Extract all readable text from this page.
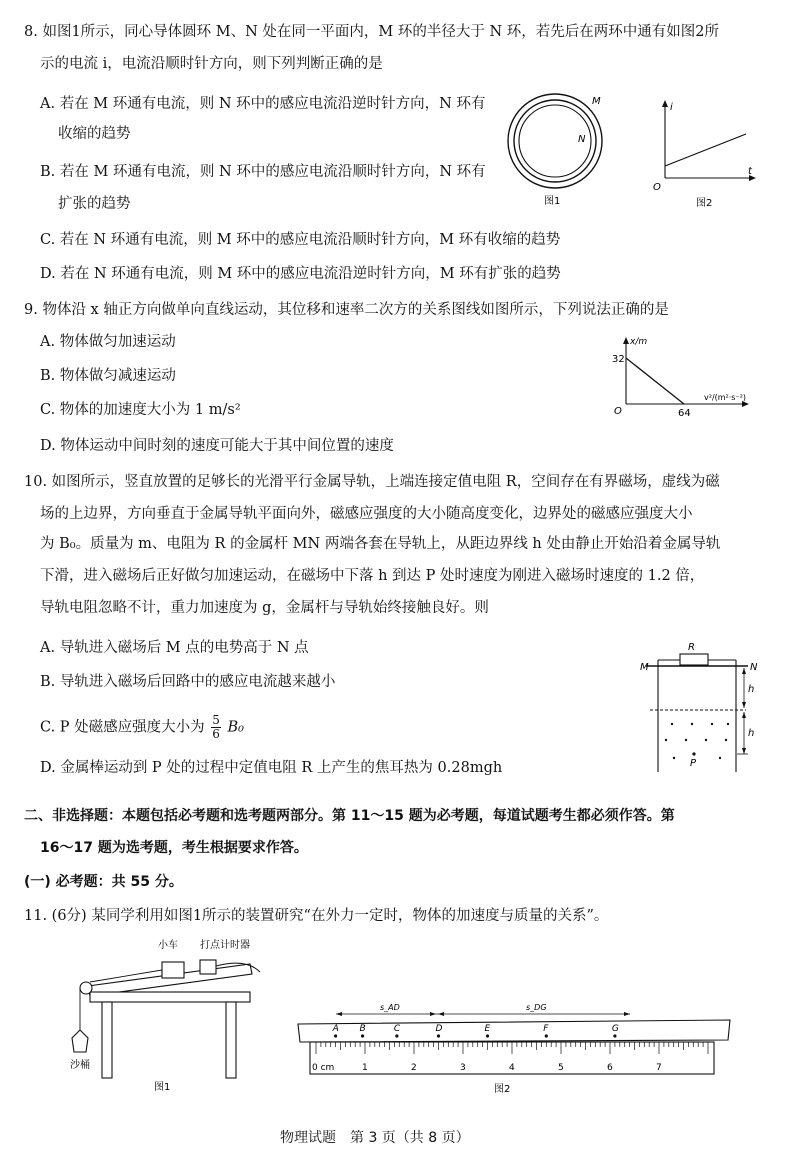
8. 如图1所示，同心导体圆环 M、N 处在同一平面内，M 环的半径大于 N 环，若先后在两环中通有如图2所
示的电流 i，电流沿顺时针方向，则下列判断正确的是
A. 若在 M 环通有电流，则 N 环中的感应电流沿逆时针方向，N 环有
收缩的趋势
B. 若在 M 环通有电流，则 N 环中的感应电流沿顺时针方向，N 环有
扩张的趋势
C. 若在 N 环通有电流，则 M 环中的感应电流沿顺时针方向，M 环有收缩的趋势
D. 若在 N 环通有电流，则 M 环中的感应电流沿逆时针方向，M 环有扩张的趋势
M
N
图1
i
t
O
图2
9. 物体沿 x 轴正方向做单向直线运动，其位移和速率二次方的关系图线如图所示，下列说法正确的是
A. 物体做匀加速运动
B. 物体做匀减速运动
C. 物体的加速度大小为 1 m/s²
D. 物体运动中间时刻的速度可能大于其中间位置的速度
x/m
32
64
O
v²/(m²·s⁻²)
10. 如图所示，竖直放置的足够长的光滑平行金属导轨，上端连接定值电阻 R，空间存在有界磁场，虚线为磁
场的上边界，方向垂直于金属导轨平面向外，磁感应强度的大小随高度变化，边界处的磁感应强度大小
为 B₀。质量为 m、电阻为 R 的金属杆 MN 两端各套在导轨上，从距边界线 h 处由静止开始沿着金属导轨
下滑，进入磁场后正好做匀加速运动，在磁场中下落 h 到达 P 处时速度为刚进入磁场时速度的 1.2 倍，
导轨电阻忽略不计，重力加速度为 g，金属杆与导轨始终接触良好。则
A. 导轨进入磁场后 M 点的电势高于 N 点
B. 导轨进入磁场后回路中的感应电流越来越小
C. P 处磁感应强度大小为 $\frac{5}{6} B_0$
D. 金属棒运动到 P 处的过程中定值电阻 R 上产生的焦耳热为 0.28mgh
R
M	N
h
h
P
二、非选择题：本题包括必考题和选考题两部分。第 11～15 题为必考题，每道试题考生都必须作答。第
16～17 题为选考题，考生根据要求作答。
(一) 必考题：共 55 分。
11. (6分) 某同学利用如图1所示的装置研究“在外力一定时，物体的加速度与质量的关系”。
小车 打点计时器
沙桶
图1
0 cm	1	2	3	4	5	6	7
A B	C	D	E	F	G
s_AD	s_DG
图2
物理试题　第 3 页（共 8 页）
